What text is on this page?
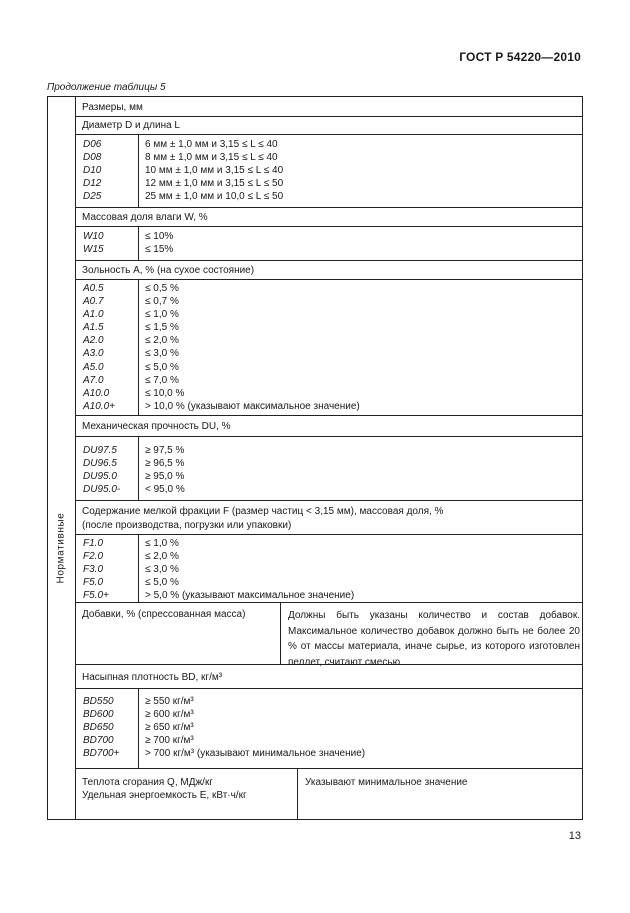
ГОСТ Р 54220—2010
Продолжение таблицы 5
Нормативные
Размеры, мм
Диаметр D и длина L
D06
D08
D10
D12
D25
6 мм ± 1,0 мм и 3,15 ≤ L ≤ 40
8 мм ± 1,0 мм и 3,15 ≤ L ≤ 40
10 мм ± 1,0 мм и 3,15 ≤ L ≤ 40
12 мм ± 1,0 мм и 3,15 ≤ L ≤ 50
25 мм ± 1,0 мм и 10,0 ≤ L ≤ 50
Массовая доля влаги W, %
W10
W15
≤ 10%
≤ 15%
Зольность A, % (на сухое состояние)
A0.5
A0.7
A1.0
A1.5
A2.0
A3.0
A5.0
A7.0
A10.0
A10.0+
≤ 0,5 %
≤ 0,7 %
≤ 1,0 %
≤ 1,5 %
≤ 2,0 %
≤ 3,0 %
≤ 5,0 %
≤ 7,0 %
≤ 10,0 %
> 10,0 % (указывают максимальное значение)
Механическая прочность DU, %
DU97.5
DU96.5
DU95.0
DU95.0-
≥ 97,5 %
≥ 96,5 %
≥ 95,0 %
< 95,0 %
Содержание мелкой фракции F (размер частиц < 3,15 мм), массовая доля, %
(после производства, погрузки или упаковки)
F1.0
F2.0
F3.0
F5.0
F5.0+
≤ 1,0 %
≤ 2,0 %
≤ 3,0 %
≤ 5,0 %
> 5,0 % (указывают максимальное значение)
Добавки, % (спрессованная масса)	Должны быть указаны количество и состав добавок. Максимальное количество добавок должно быть не более 20 % от массы материала, иначе сырье, из которого изготовлен пеллет, считают смесью
Насыпная плотность BD, кг/м³
BD550
BD600
BD650
BD700
BD700+
≥ 550 кг/м³
≥ 600 кг/м³
≥ 650 кг/м³
≥ 700 кг/м³
> 700 кг/м³ (указывают минимальное значение)
Теплота сгорания Q, МДж/кг
Удельная энергоемкость E, кВт·ч/кг
Указывают минимальное значение
13
